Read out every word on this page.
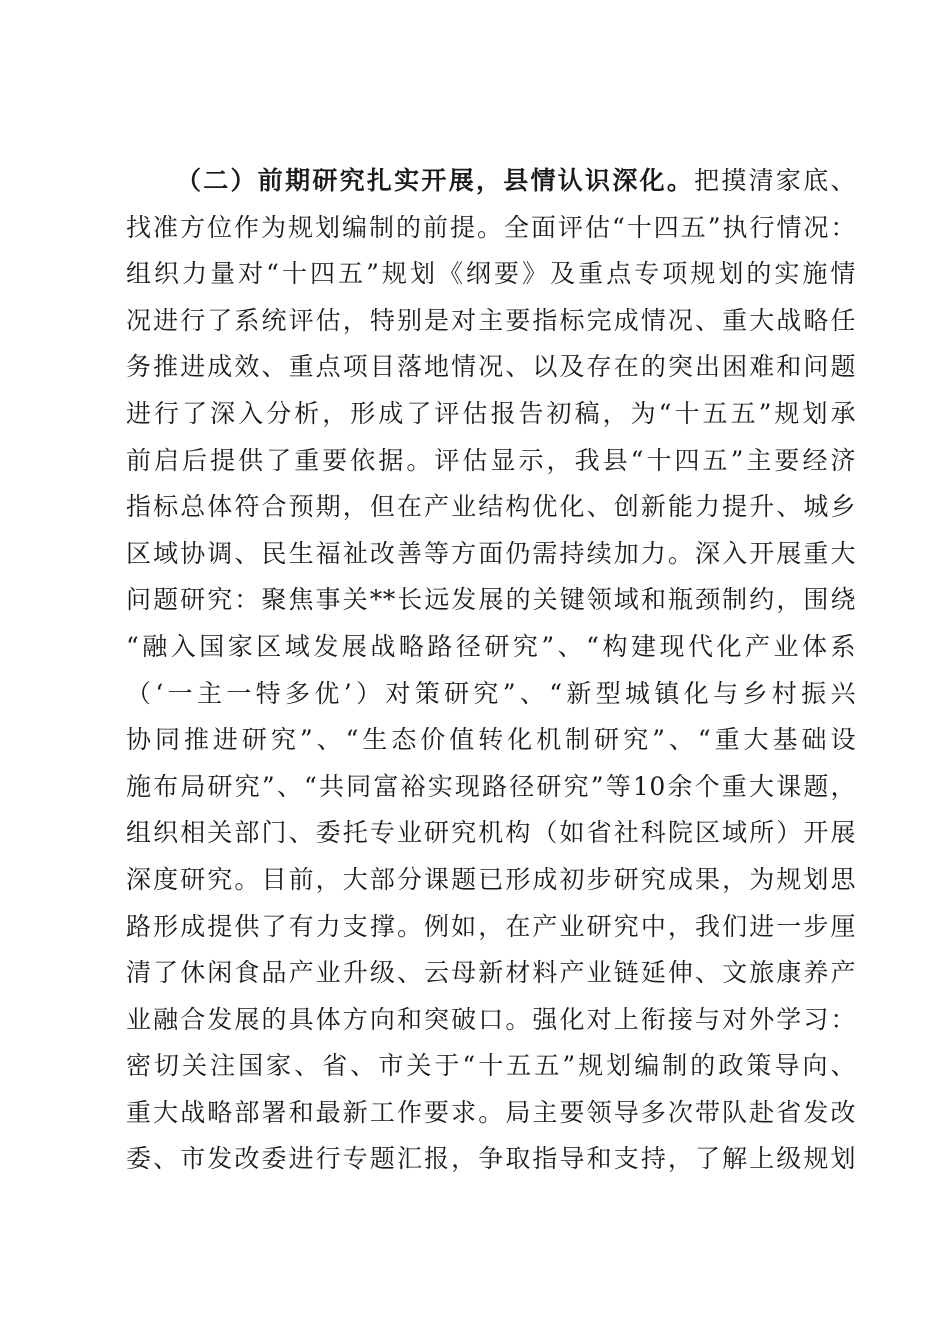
（二）前期研究扎实开展，县情认识深化。把摸清家底、
找准方位作为规划编制的前提。全面评估“十四五”执行情况：
组织力量对“十四五”规划《纲要》及重点专项规划的实施情
况进行了系统评估，特别是对主要指标完成情况、重大战略任
务推进成效、重点项目落地情况、以及存在的突出困难和问题
进行了深入分析，形成了评估报告初稿，为“十五五”规划承
前启后提供了重要依据。评估显示，我县“十四五”主要经济
指标总体符合预期，但在产业结构优化、创新能力提升、城乡
区域协调、民生福祉改善等方面仍需持续加力。深入开展重大
问题研究：聚焦事关**长远发展的关键领域和瓶颈制约，围绕
“融入国家区域发展战略路径研究”、“构建现代化产业体系
（‘一主一特多优’）对策研究”、“新型城镇化与乡村振兴
协同推进研究”、“生态价值转化机制研究”、“重大基础设
施布局研究”、“共同富裕实现路径研究”等10余个重大课题，
组织相关部门、委托专业研究机构（如省社科院区域所）开展
深度研究。目前，大部分课题已形成初步研究成果，为规划思
路形成提供了有力支撑。例如，在产业研究中，我们进一步厘
清了休闲食品产业升级、云母新材料产业链延伸、文旅康养产
业融合发展的具体方向和突破口。强化对上衔接与对外学习：
密切关注国家、省、市关于“十五五”规划编制的政策导向、
重大战略部署和最新工作要求。局主要领导多次带队赴省发改
委、市发改委进行专题汇报，争取指导和支持，了解上级规划
